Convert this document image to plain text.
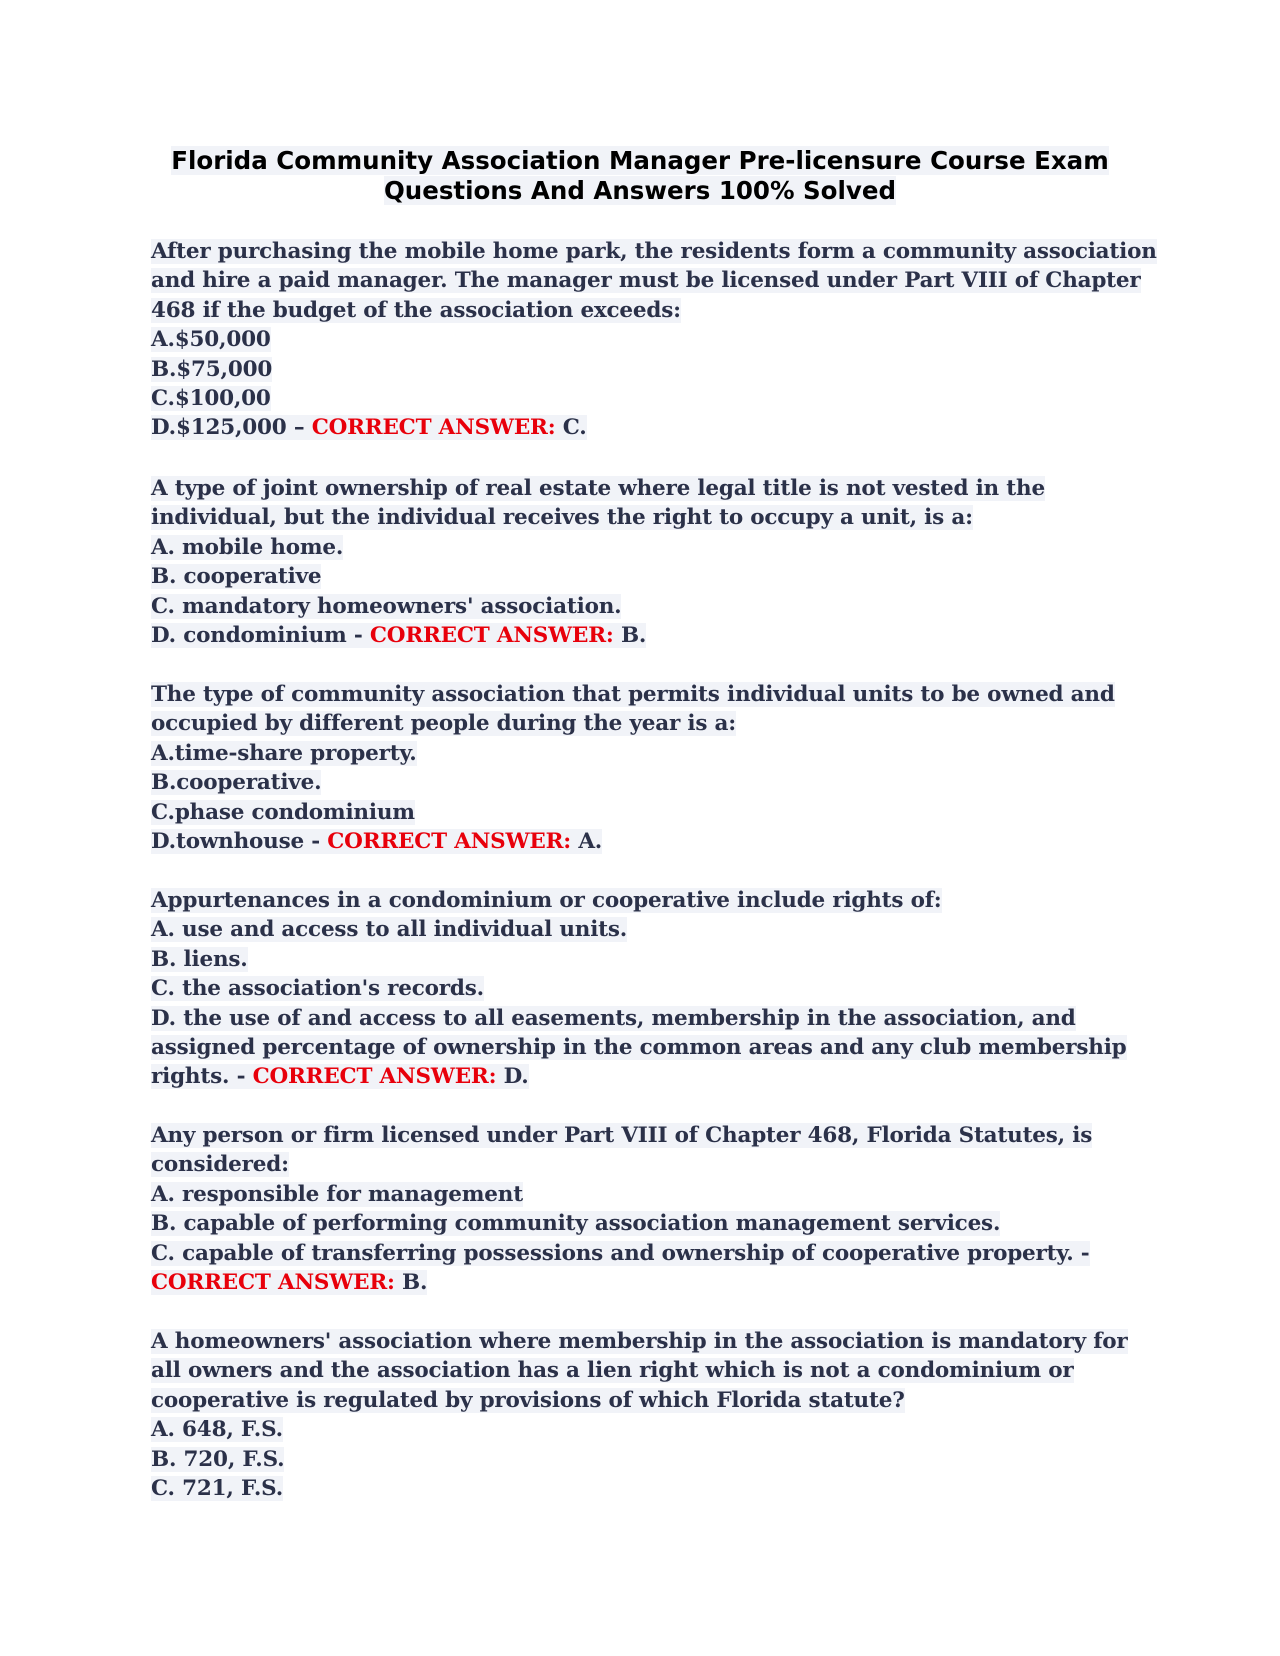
Florida Community Association Manager Pre-licensure Course Exam
Questions And Answers 100% Solved
After purchasing the mobile home park, the residents form a community association
and hire a paid manager. The manager must be licensed under Part VIII of Chapter
468 if the budget of the association exceeds:
A.$50,000
B.$75,000
C.$100,00
D.$125,000 – CORRECT ANSWER: C.
A type of joint ownership of real estate where legal title is not vested in the
individual, but the individual receives the right to occupy a unit, is a:
A. mobile home.
B. cooperative
C. mandatory homeowners' association.
D. condominium - CORRECT ANSWER: B.
The type of community association that permits individual units to be owned and
occupied by different people during the year is a:
A.time-share property.
B.cooperative.
C.phase condominium
D.townhouse - CORRECT ANSWER: A.
Appurtenances in a condominium or cooperative include rights of:
A. use and access to all individual units.
B. liens.
C. the association's records.
D. the use of and access to all easements, membership in the association, and
assigned percentage of ownership in the common areas and any club membership
rights. - CORRECT ANSWER: D.
Any person or firm licensed under Part VIII of Chapter 468, Florida Statutes, is
considered:
A. responsible for management
B. capable of performing community association management services.
C. capable of transferring possessions and ownership of cooperative property. -
CORRECT ANSWER: B.
A homeowners' association where membership in the association is mandatory for
all owners and the association has a lien right which is not a condominium or
cooperative is regulated by provisions of which Florida statute?
A. 648, F.S.
B. 720, F.S.
C. 721, F.S.
